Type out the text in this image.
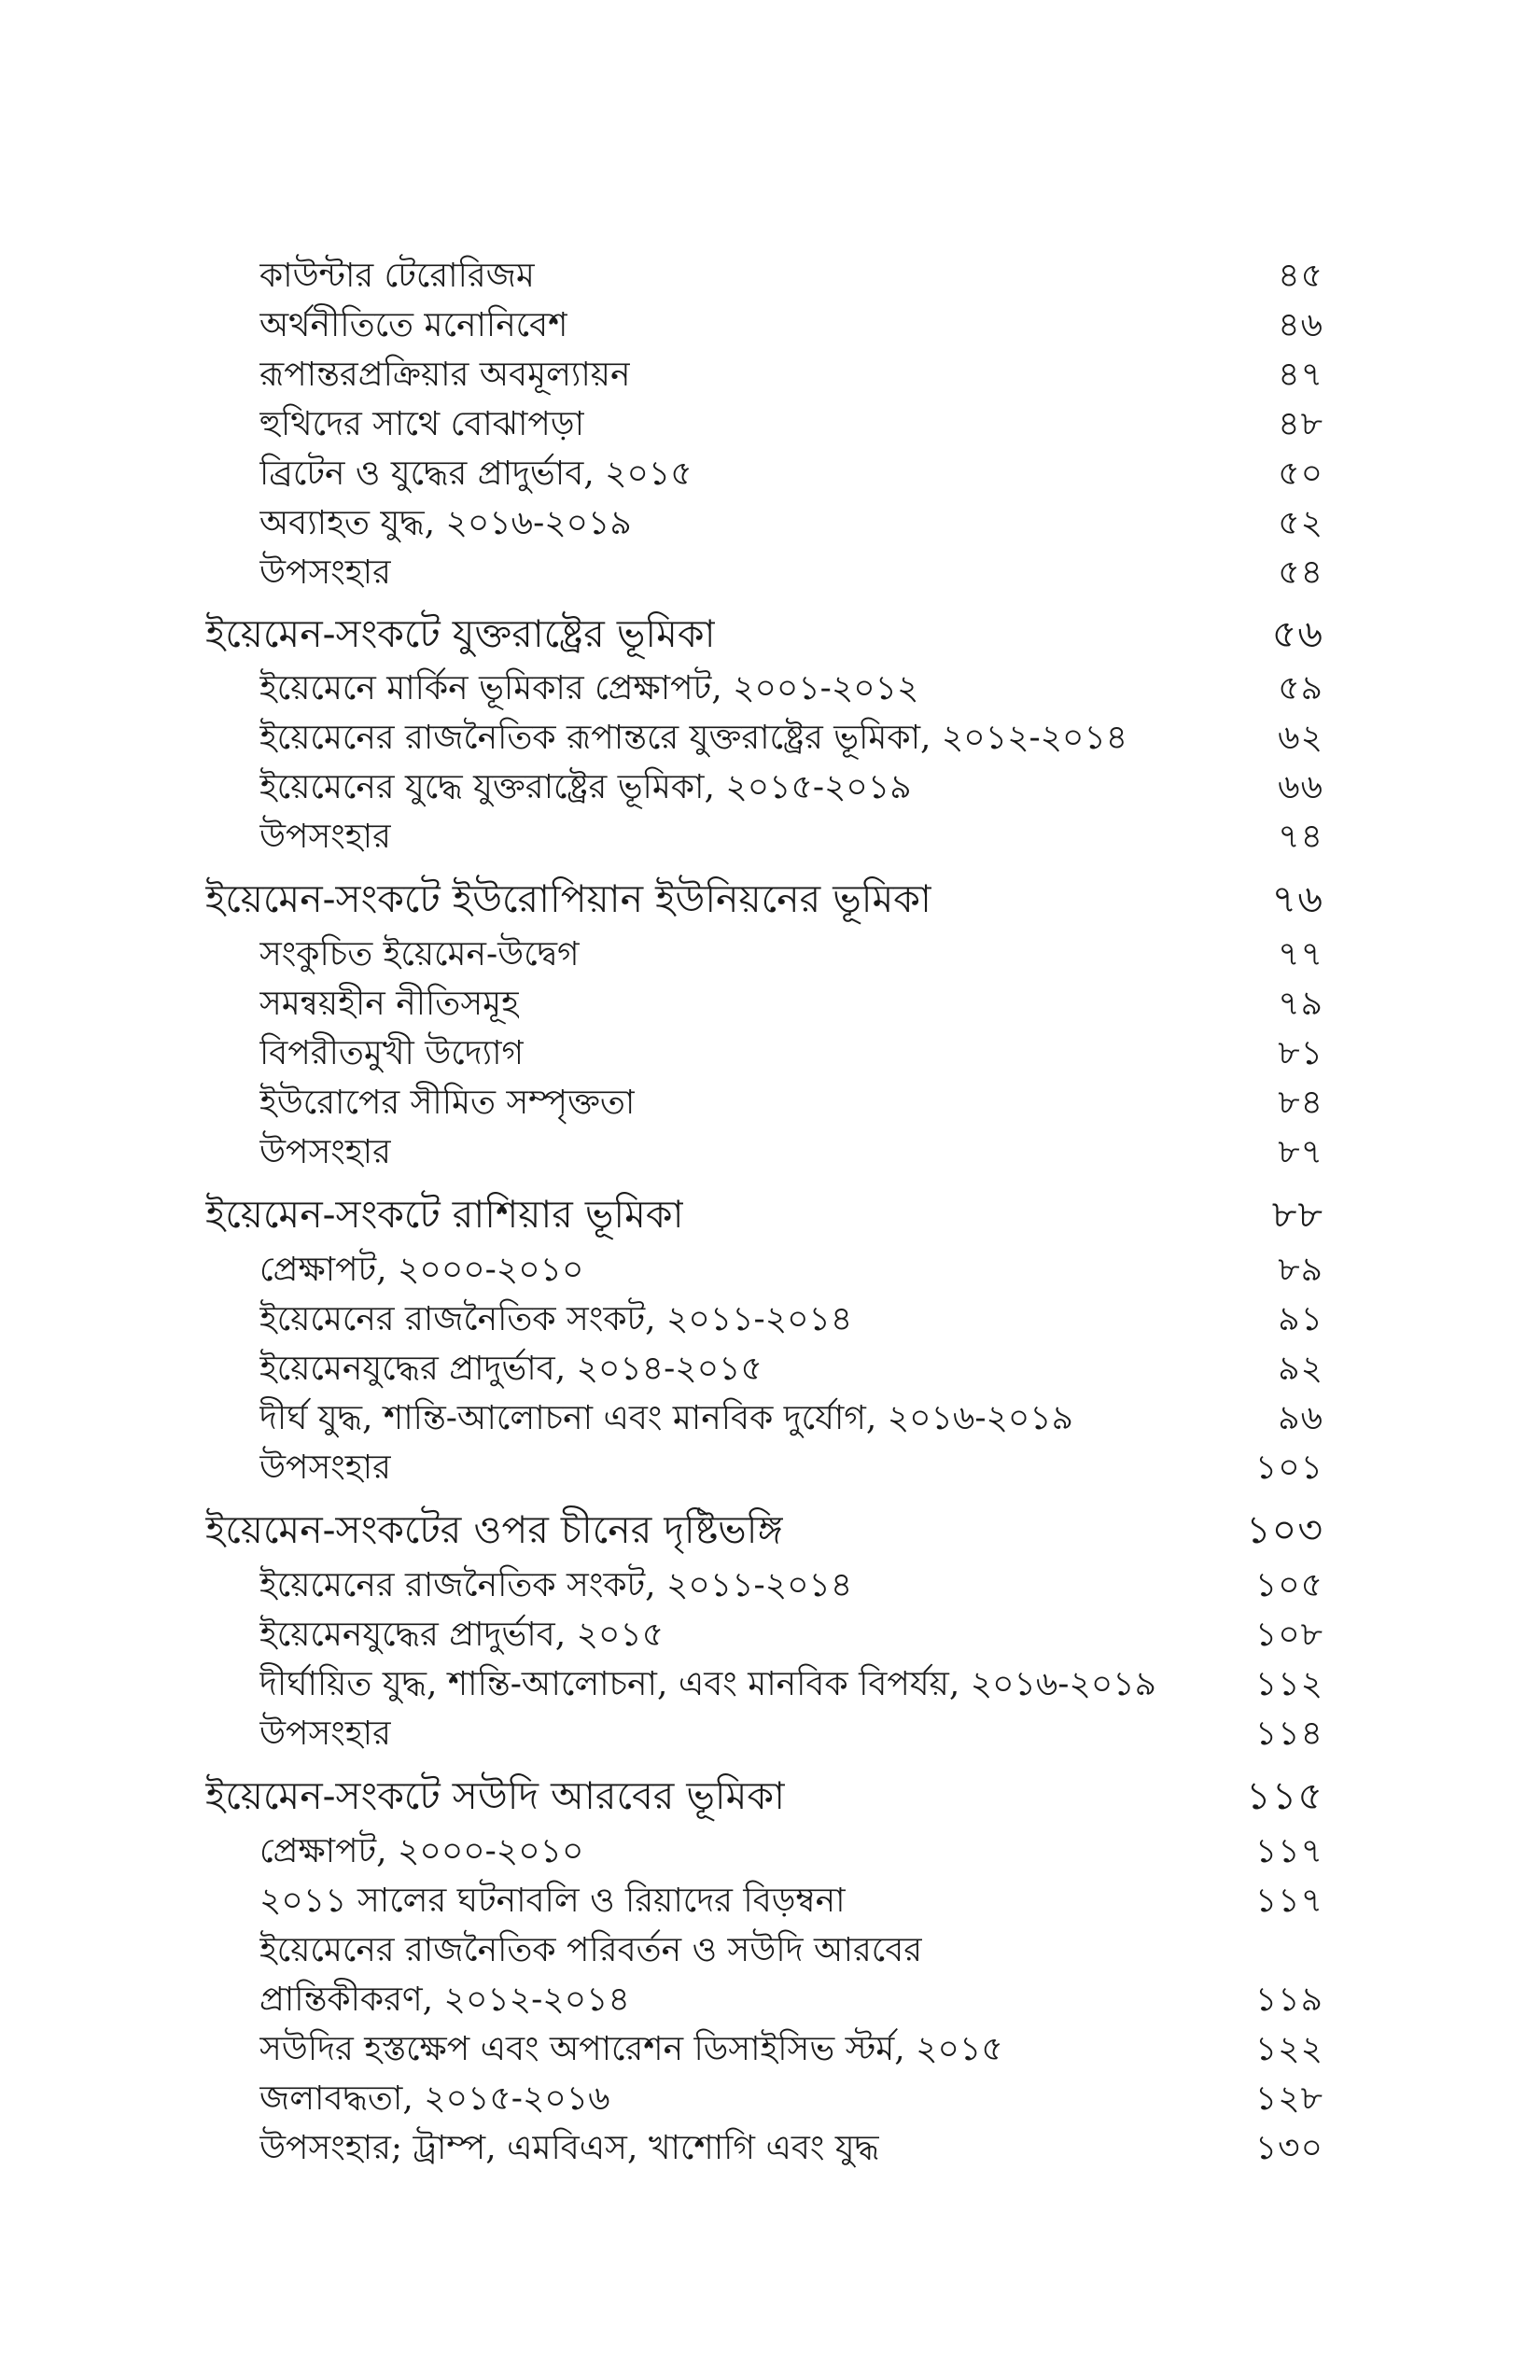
কাউন্টার টেরোরিজম	৪৫
অর্থনীতিতে মনোনিবেশ	৪৬
রূপান্তরপ্রক্রিয়ার অবমূল্যায়ন	৪৭
হুথিদের সাথে বোঝাপড়া	৪৮
ব্রিটেন ও যুদ্ধের প্রাদুর্ভাব, ২০১৫	৫০
অব্যাহত যুদ্ধ, ২০১৬-২০১৯	৫২
উপসংহার	৫৪
ইয়েমেন-সংকটে যুক্তরাষ্ট্রের ভূমিকা	৫৬
ইয়েমেনে মার্কিন ভূমিকার প্রেক্ষাপট, ২০০১-২০১২	৫৯
ইয়েমেনের রাজনৈতিক রূপান্তরে যুক্তরাষ্ট্রের ভূমিকা, ২০১২-২০১৪	৬২
ইয়েমেনের যুদ্ধে যুক্তরাষ্ট্রের ভূমিকা, ২০১৫-২০১৯	৬৬
উপসংহার	৭৪
ইয়েমেন-সংকটে ইউরোপিয়ান ইউনিয়নের ভূমিকা	৭৬
সংকুচিত ইয়েমেন-উদ্বেগ	৭৭
সমন্বয়হীন নীতিসমূহ	৭৯
বিপরীতমুখী উদ্যোগ	৮১
ইউরোপের সীমিত সম্পৃক্ততা	৮৪
উপসংহার	৮৭
ইয়েমেন-সংকটে রাশিয়ার ভূমিকা	৮৮
প্রেক্ষাপট, ২০০০-২০১০	৮৯
ইয়েমেনের রাজনৈতিক সংকট, ২০১১-২০১৪	৯১
ইয়েমেনযুদ্ধের প্রাদুর্ভাব, ২০১৪-২০১৫	৯২
দীর্ঘ যুদ্ধ, শান্তি-আলোচনা এবং মানবিক দুর্যোগ, ২০১৬-২০১৯	৯৬
উপসংহার	১০১
ইয়েমেন-সংকটের ওপর চীনের দৃষ্টিভঙ্গি	১০৩
ইয়েমেনের রাজনৈতিক সংকট, ২০১১-২০১৪	১০৫
ইয়েমেনযুদ্ধের প্রাদুর্ভাব, ২০১৫	১০৮
দীর্ঘায়িত যুদ্ধ, শান্তি-আলোচনা, এবং মানবিক বিপর্যয়, ২০১৬-২০১৯	১১২
উপসংহার	১১৪
ইয়েমেন-সংকটে সউদি আরবের ভূমিকা	১১৫
প্রেক্ষাপট, ২০০০-২০১০	১১৭
২০১১ সালের ঘটনাবলি ও রিয়াদের বিড়ম্বনা	১১৭
ইয়েমেনের রাজনৈতিক পরিবর্তন ও সউদি আরবের
প্রান্তিকীকরণ, ২০১২-২০১৪	১১৯
সউদির হস্তক্ষেপ এবং অপারেশন ডিসাইসিভ স্টর্ম, ২০১৫	১২২
জলাবদ্ধতা, ২০১৫-২০১৬	১২৮
উপসংহার; ট্রাম্প, এমবিএস, খাশোগি এবং যুদ্ধ	১৩০
